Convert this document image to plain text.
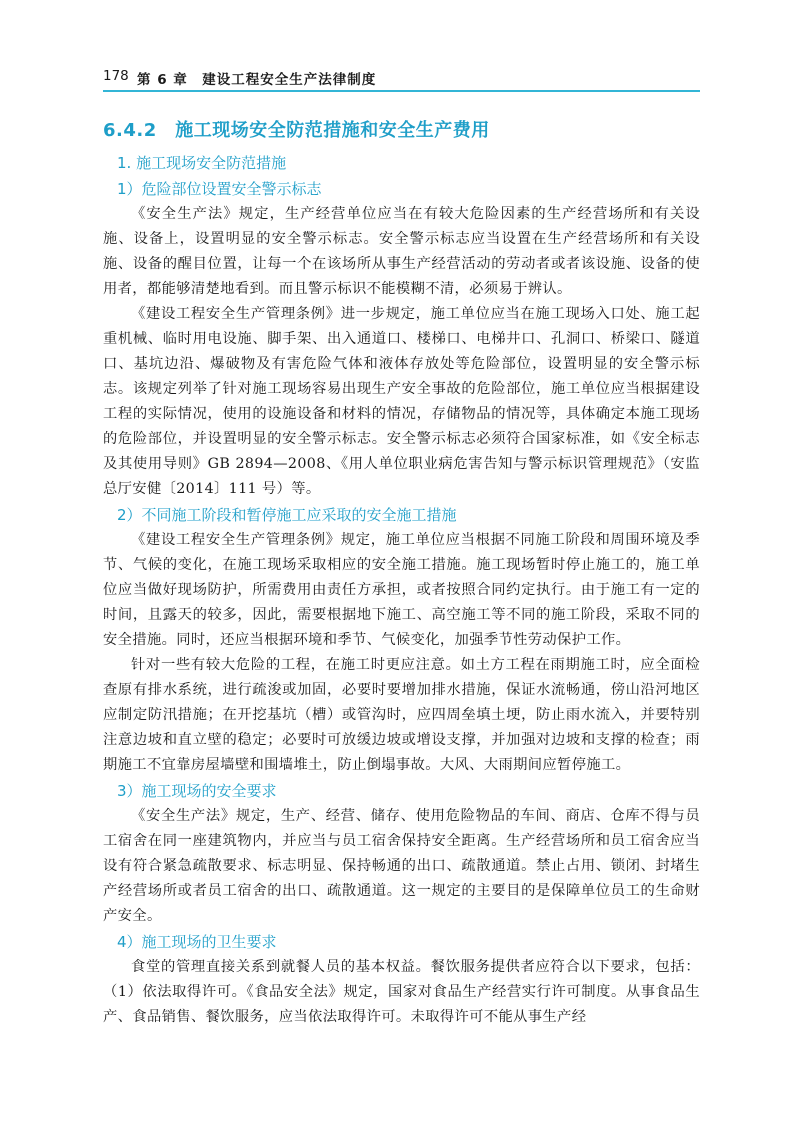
178 第 6 章　建设工程安全生产法律制度
6.4.2　施工现场安全防范措施和安全生产费用
1. 施工现场安全防范措施
1）危险部位设置安全警示标志

《安全生产法》规定，生产经营单位应当在有较大危险因素的生产经营场所和有关设施、设备上，设置明显的安全警示标志。安全警示标志应当设置在生产经营场所和有关设施、设备的醒目位置，让每一个在该场所从事生产经营活动的劳动者或者该设施、设备的使用者，都能够清楚地看到。而且警示标识不能模糊不清，必须易于辨认。

《建设工程安全生产管理条例》进一步规定，施工单位应当在施工现场入口处、施工起重机械、临时用电设施、脚手架、出入通道口、楼梯口、电梯井口、孔洞口、桥梁口、隧道口、基坑边沿、爆破物及有害危险气体和液体存放处等危险部位，设置明显的安全警示标志。该规定列举了针对施工现场容易出现生产安全事故的危险部位，施工单位应当根据建设工程的实际情况，使用的设施设备和材料的情况，存储物品的情况等，具体确定本施工现场的危险部位，并设置明显的安全警示标志。安全警示标志必须符合国家标准，如《安全标志及其使用导则》GB 2894—2008、《用人单位职业病危害告知与警示标识管理规范》（安监总厅安健〔2014〕111 号）等。

2）不同施工阶段和暂停施工应采取的安全施工措施

《建设工程安全生产管理条例》规定，施工单位应当根据不同施工阶段和周围环境及季节、气候的变化，在施工现场采取相应的安全施工措施。施工现场暂时停止施工的，施工单位应当做好现场防护，所需费用由责任方承担，或者按照合同约定执行。由于施工有一定的时间，且露天的较多，因此，需要根据地下施工、高空施工等不同的施工阶段，采取不同的安全措施。同时，还应当根据环境和季节、气候变化，加强季节性劳动保护工作。

针对一些有较大危险的工程，在施工时更应注意。如土方工程在雨期施工时，应全面检查原有排水系统，进行疏浚或加固，必要时要增加排水措施，保证水流畅通，傍山沿河地区应制定防汛措施；在开挖基坑（槽）或管沟时，应四周垒填土埂，防止雨水流入，并要特别注意边坡和直立壁的稳定；必要时可放缓边坡或增设支撑，并加强对边坡和支撑的检查；雨期施工不宜靠房屋墙壁和围墙堆土，防止倒塌事故。大风、大雨期间应暂停施工。

3）施工现场的安全要求

《安全生产法》规定，生产、经营、储存、使用危险物品的车间、商店、仓库不得与员工宿舍在同一座建筑物内，并应当与员工宿舍保持安全距离。生产经营场所和员工宿舍应当设有符合紧急疏散要求、标志明显、保持畅通的出口、疏散通道。禁止占用、锁闭、封堵生产经营场所或者员工宿舍的出口、疏散通道。这一规定的主要目的是保障单位员工的生命财产安全。

4）施工现场的卫生要求

食堂的管理直接关系到就餐人员的基本权益。餐饮服务提供者应符合以下要求，包括：（1）依法取得许可。《食品安全法》规定，国家对食品生产经营实行许可制度。从事食品生产、食品销售、餐饮服务，应当依法取得许可。未取得许可不能从事生产经
